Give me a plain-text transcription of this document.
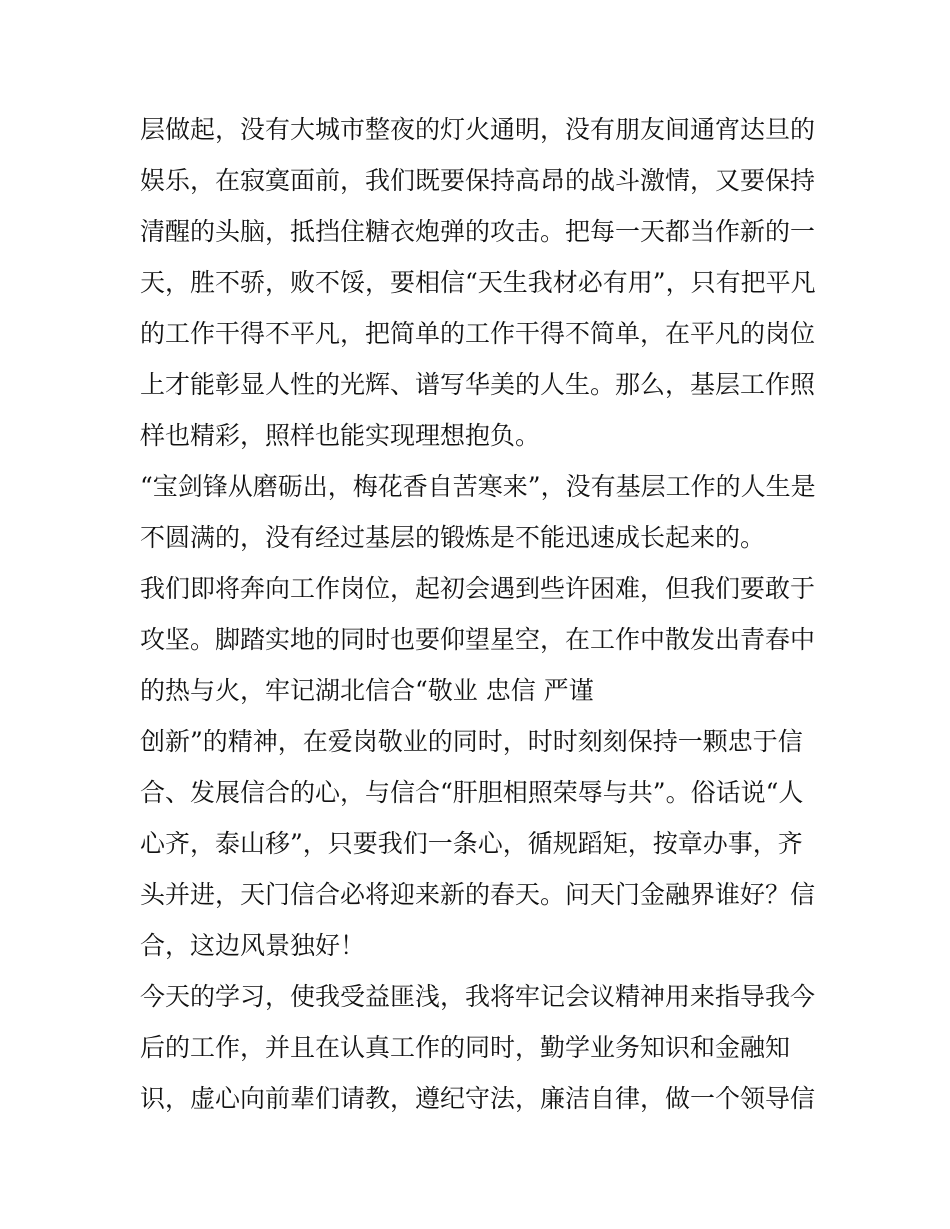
层做起，没有大城市整夜的灯火通明，没有朋友间通宵达旦的
娱乐，在寂寞面前，我们既要保持高昂的战斗激情，又要保持
清醒的头脑，抵挡住糖衣炮弹的攻击。把每一天都当作新的一
天，胜不骄，败不馁，要相信“天生我材必有用”，只有把平凡
的工作干得不平凡，把简单的工作干得不简单，在平凡的岗位
上才能彰显人性的光辉、谱写华美的人生。那么，基层工作照
样也精彩，照样也能实现理想抱负。
“宝剑锋从磨砺出，梅花香自苦寒来”，没有基层工作的人生是
不圆满的，没有经过基层的锻炼是不能迅速成长起来的。
我们即将奔向工作岗位，起初会遇到些许困难，但我们要敢于
攻坚。脚踏实地的同时也要仰望星空，在工作中散发出青春中
的热与火，牢记湖北信合“敬业 忠信 严谨
创新”的精神，在爱岗敬业的同时，时时刻刻保持一颗忠于信
合、发展信合的心，与信合“肝胆相照荣辱与共”。俗话说“人
心齐，泰山移”，只要我们一条心，循规蹈矩，按章办事，齐
头并进，天门信合必将迎来新的春天。问天门金融界谁好？信
合，这边风景独好！
今天的学习，使我受益匪浅，我将牢记会议精神用来指导我今
后的工作，并且在认真工作的同时，勤学业务知识和金融知
识，虚心向前辈们请教，遵纪守法，廉洁自律，做一个领导信
